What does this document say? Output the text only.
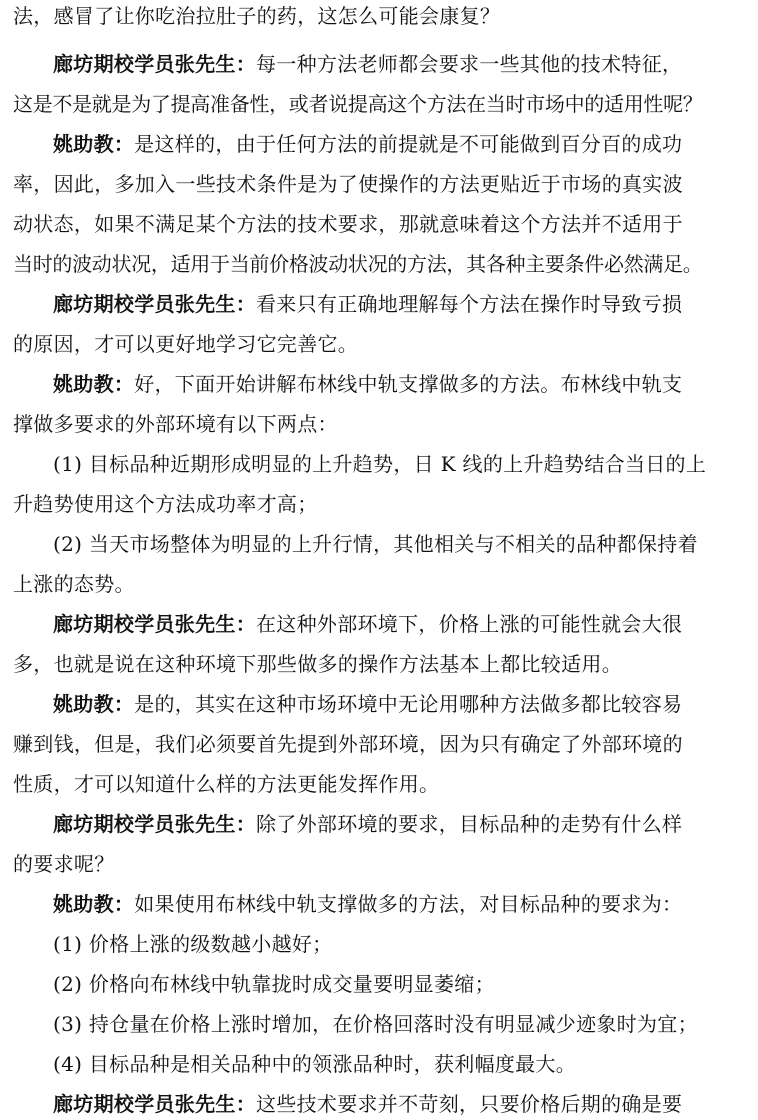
法，感冒了让你吃治拉肚子的药，这怎么可能会康复？
廊坊期校学员张先生：每一种方法老师都会要求一些其他的技术特征，
这是不是就是为了提高准备性，或者说提高这个方法在当时市场中的适用性呢？
姚助教：是这样的，由于任何方法的前提就是不可能做到百分百的成功
率，因此，多加入一些技术条件是为了使操作的方法更贴近于市场的真实波
动状态，如果不满足某个方法的技术要求，那就意味着这个方法并不适用于
当时的波动状况，适用于当前价格波动状况的方法，其各种主要条件必然满足。
廊坊期校学员张先生：看来只有正确地理解每个方法在操作时导致亏损
的原因，才可以更好地学习它完善它。
姚助教：好，下面开始讲解布林线中轨支撑做多的方法。布林线中轨支
撑做多要求的外部环境有以下两点：
(1) 目标品种近期形成明显的上升趋势，日 K 线的上升趋势结合当日的上
升趋势使用这个方法成功率才高；
(2) 当天市场整体为明显的上升行情，其他相关与不相关的品种都保持着
上涨的态势。
廊坊期校学员张先生：在这种外部环境下，价格上涨的可能性就会大很
多，也就是说在这种环境下那些做多的操作方法基本上都比较适用。
姚助教：是的，其实在这种市场环境中无论用哪种方法做多都比较容易
赚到钱，但是，我们必须要首先提到外部环境，因为只有确定了外部环境的
性质，才可以知道什么样的方法更能发挥作用。
廊坊期校学员张先生：除了外部环境的要求，目标品种的走势有什么样
的要求呢？
姚助教：如果使用布林线中轨支撑做多的方法，对目标品种的要求为：
(1) 价格上涨的级数越小越好；
(2) 价格向布林线中轨靠拢时成交量要明显萎缩；
(3) 持仓量在价格上涨时增加，在价格回落时没有明显减少迹象时为宜；
(4) 目标品种是相关品种中的领涨品种时，获利幅度最大。
廊坊期校学员张先生：这些技术要求并不苛刻，只要价格后期的确是要
